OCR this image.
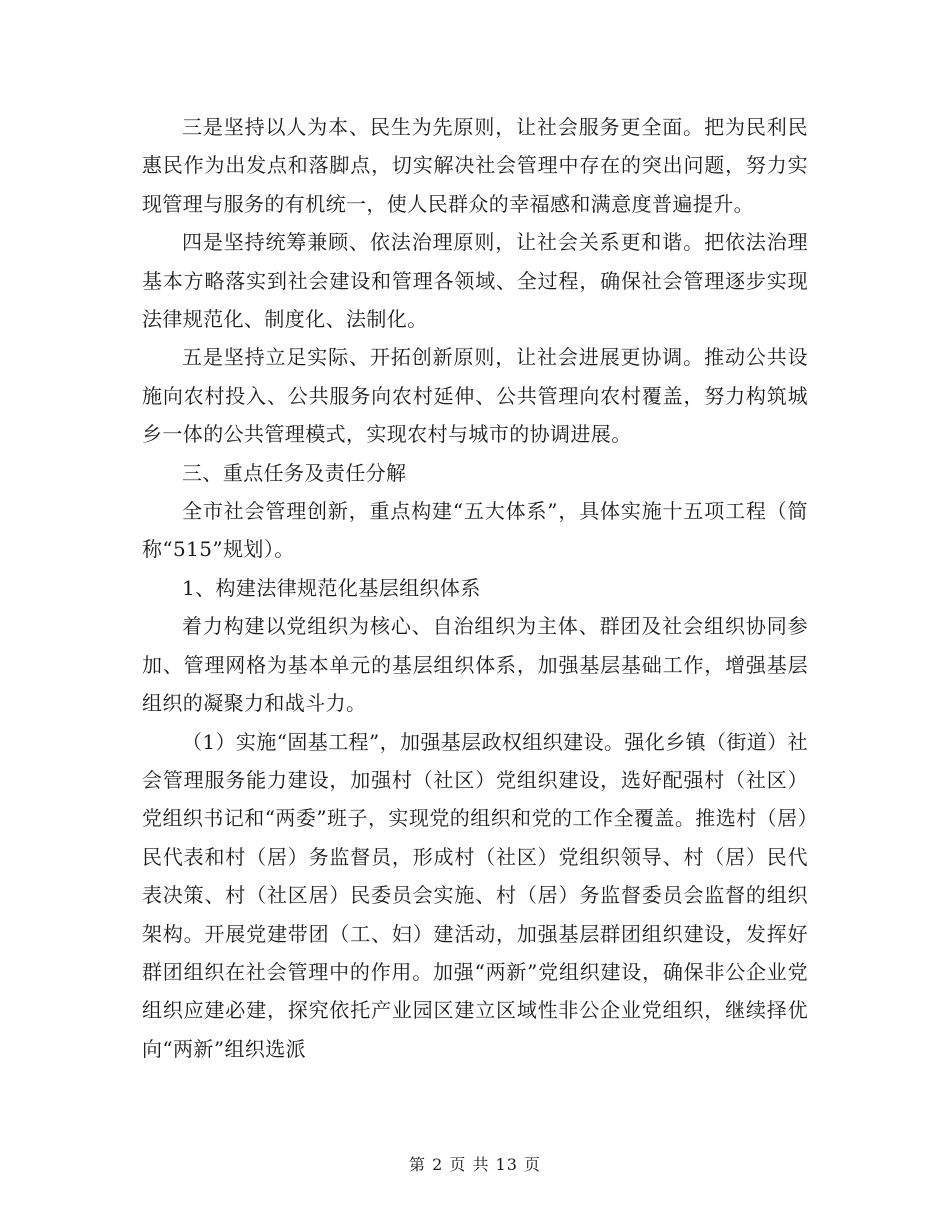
三是坚持以人为本、民生为先原则，让社会服务更全面。把为民利民惠民作为出发点和落脚点，切实解决社会管理中存在的突出问题，努力实现管理与服务的有机统一，使人民群众的幸福感和满意度普遍提升。

四是坚持统筹兼顾、依法治理原则，让社会关系更和谐。把依法治理基本方略落实到社会建设和管理各领域、全过程，确保社会管理逐步实现法律规范化、制度化、法制化。

五是坚持立足实际、开拓创新原则，让社会进展更协调。推动公共设施向农村投入、公共服务向农村延伸、公共管理向农村覆盖，努力构筑城乡一体的公共管理模式，实现农村与城市的协调进展。

三、重点任务及责任分解

全市社会管理创新，重点构建“五大体系”，具体实施十五项工程（简称“515”规划）。

1、构建法律规范化基层组织体系

着力构建以党组织为核心、自治组织为主体、群团及社会组织协同参加、管理网格为基本单元的基层组织体系，加强基层基础工作，增强基层组织的凝聚力和战斗力。

（1）实施“固基工程”，加强基层政权组织建设。强化乡镇（街道）社会管理服务能力建设，加强村（社区）党组织建设，选好配强村（社区）党组织书记和“两委”班子，实现党的组织和党的工作全覆盖。推选村（居）民代表和村（居）务监督员，形成村（社区）党组织领导、村（居）民代表决策、村（社区居）民委员会实施、村（居）务监督委员会监督的组织架构。开展党建带团（工、妇）建活动，加强基层群团组织建设，发挥好群团组织在社会管理中的作用。加强“两新”党组织建设，确保非公企业党组织应建必建，探究依托产业园区建立区域性非公企业党组织，继续择优向“两新”组织选派

第 2 页 共 13 页
